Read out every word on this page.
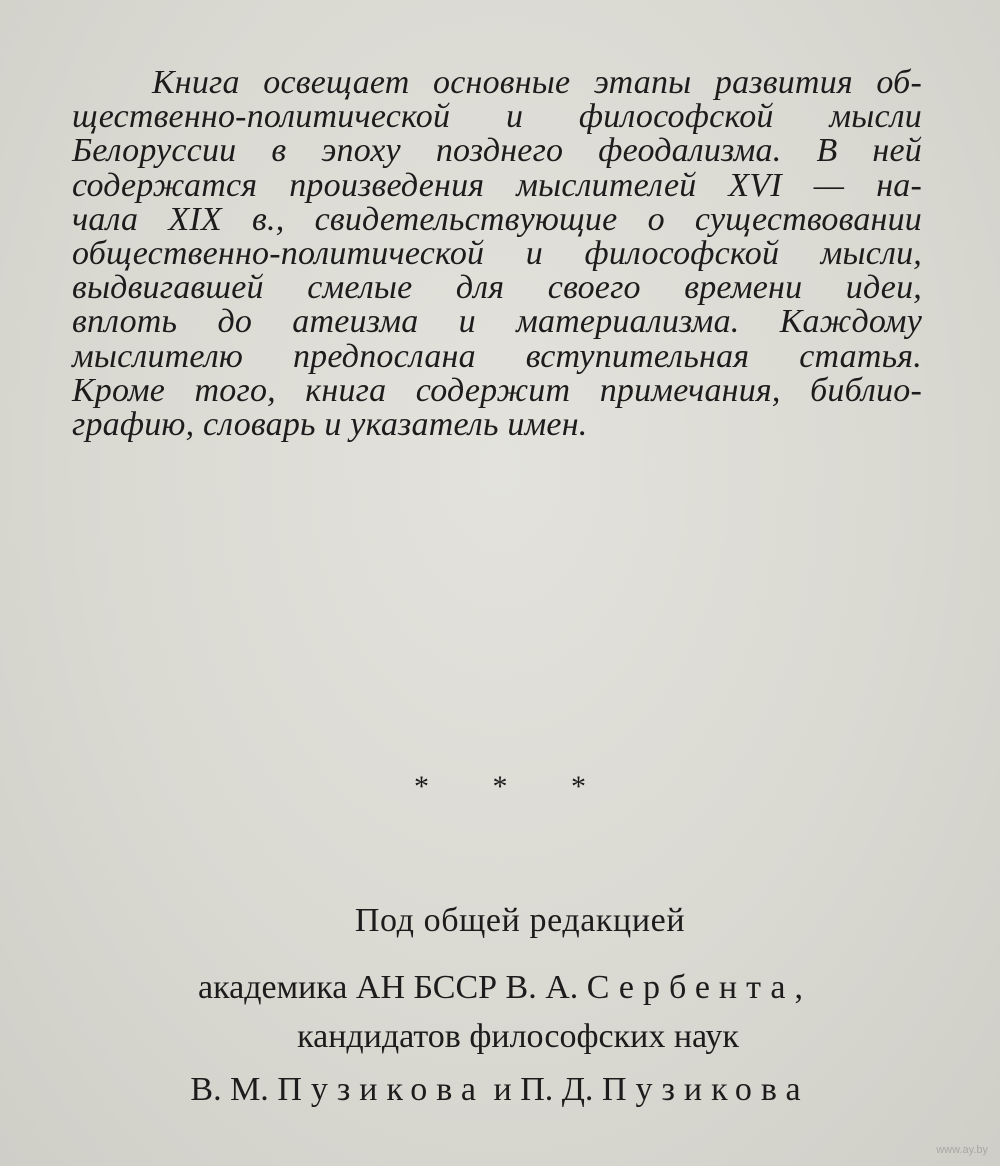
Книга освещает основные этапы развития об-
щественно-политической и философской мысли
Белоруссии в эпоху позднего феодализма. В ней
содержатся произведения мыслителей XVI — на-
чала XIX в., свидетельствующие о существовании
общественно-политической и философской мысли,
выдвигавшей смелые для своего времени идеи,
вплоть до атеизма и материализма. Каждому
мыслителю предпослана вступительная статья.
Кроме того, книга содержит примечания, библио-
графию, словарь и указатель имен.
* * *
Под общей редакцией
академика АН БССР В. А. Сербента,
кандидатов философских наук
В. М. Пузикова и П. Д. Пузикова
www.ay.by
